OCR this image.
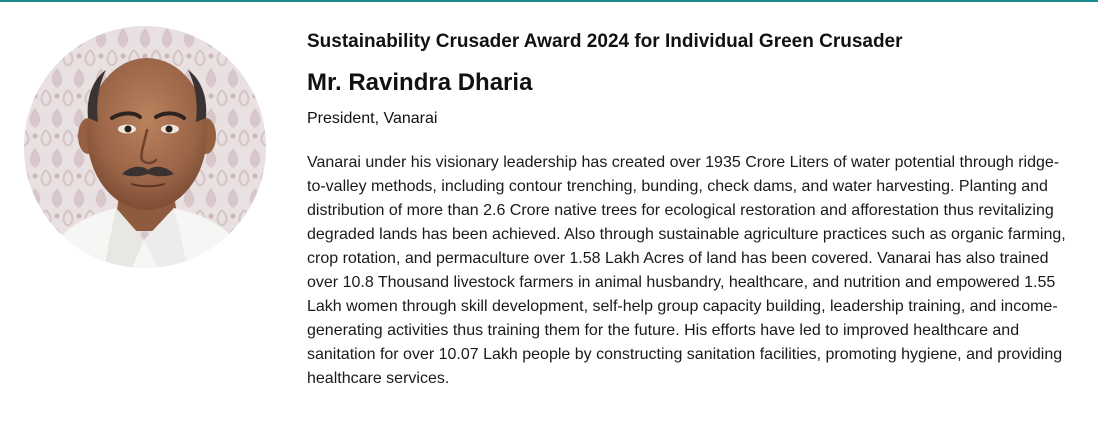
Sustainability Crusader Award 2024 for Individual Green Crusader
Mr. Ravindra Dharia

President, Vanarai

Vanarai under his visionary leadership has created over 1935 Crore Liters of water potential through ridge-to-valley methods, including contour trenching, bunding, check dams, and water harvesting. Planting and distribution of more than 2.6 Crore native trees for ecological restoration and afforestation thus revitalizing degraded lands has been achieved. Also through sustainable agriculture practices such as organic farming, crop rotation, and permaculture over 1.58 Lakh Acres of land has been covered. Vanarai has also trained over 10.8 Thousand livestock farmers in animal husbandry, healthcare, and nutrition and empowered 1.55 Lakh women through skill development, self-help group capacity building, leadership training, and income-generating activities thus training them for the future. His efforts have led to improved healthcare and sanitation for over 10.07 Lakh people by constructing sanitation facilities, promoting hygiene, and providing healthcare services.
